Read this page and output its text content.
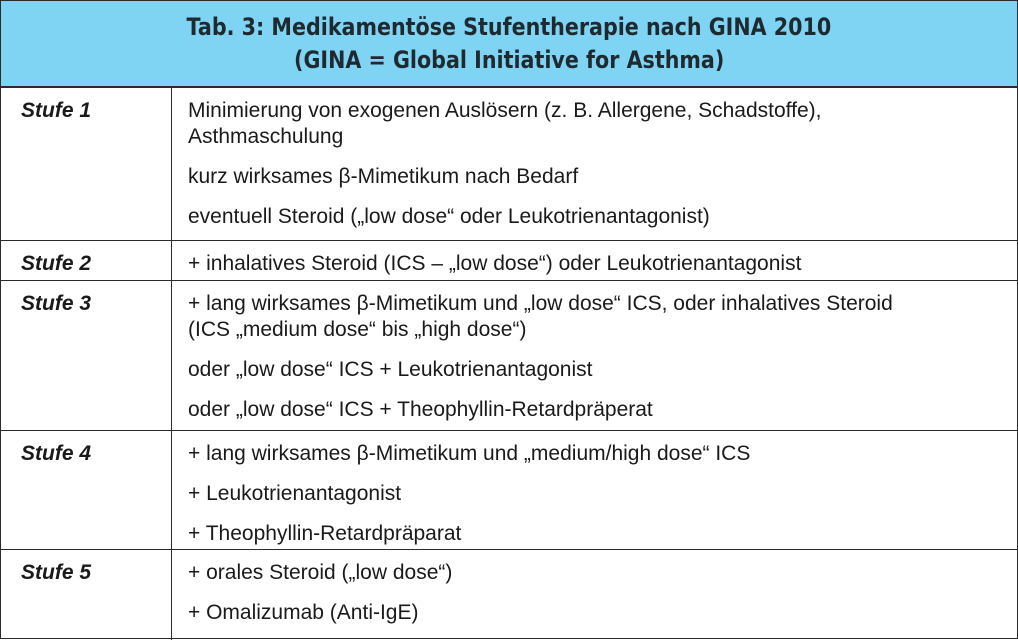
Tab. 3: Medikamentöse Stufentherapie nach GINA 2010
(GINA = Global Initiative for Asthma)
Stufe 1	Minimierung von exogenen Auslösern (z. B. Allergene, Schadstoffe),
Asthmaschulung
kurz wirksames β-Mimetikum nach Bedarf
eventuell Steroid („low dose“ oder Leukotrienantagonist)
Stufe 2	+ inhalatives Steroid (ICS – „low dose“) oder Leukotrienantagonist
Stufe 3	+ lang wirksames β-Mimetikum und „low dose“ ICS, oder inhalatives Steroid
(ICS „medium dose“ bis „high dose“)
oder „low dose“ ICS + Leukotrienantagonist
oder „low dose“ ICS + Theophyllin-Retardpräperat
Stufe 4	+ lang wirksames β-Mimetikum und „medium/high dose“ ICS
+ Leukotrienantagonist
+ Theophyllin-Retardpräparat
Stufe 5	+ orales Steroid („low dose“)
+ Omalizumab (Anti-IgE)
